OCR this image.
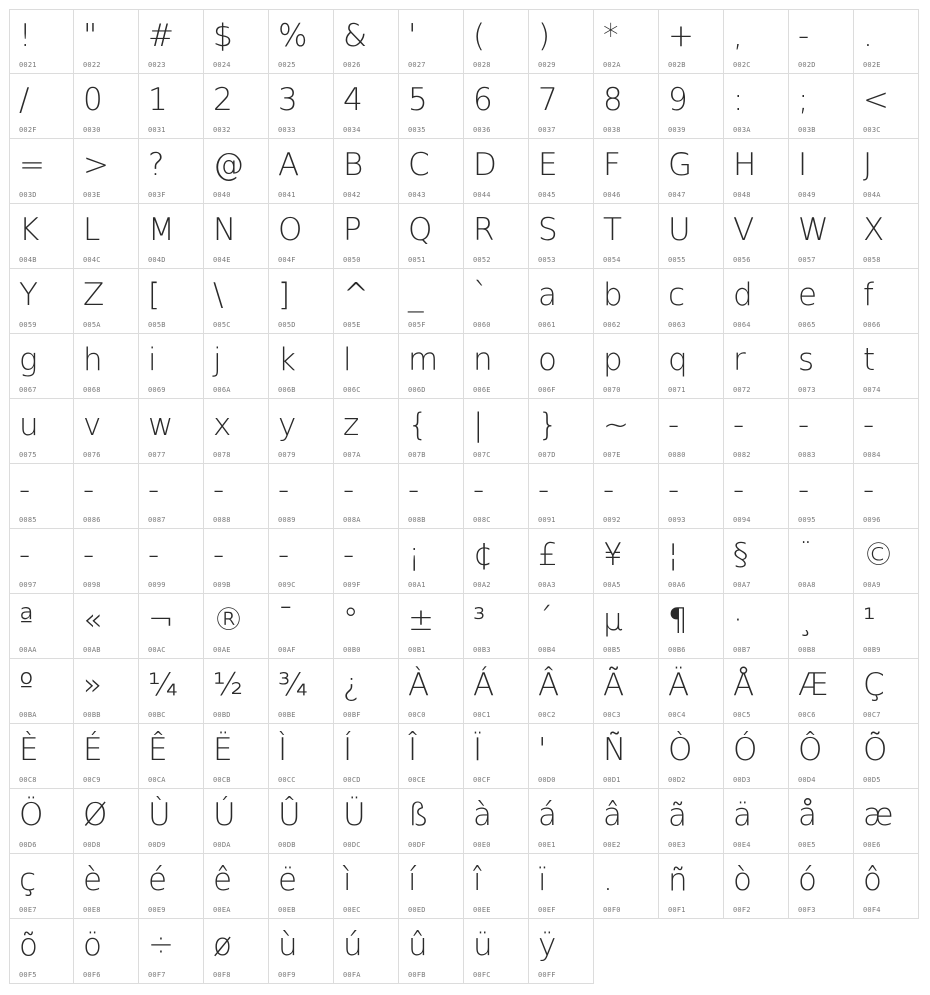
!
0021
"
0022
#
0023
$
0024
%
0025
&
0026
'
0027
(
0028
)
0029
*
002A
+
002B
,
002C
-
002D
.
002E
/
002F
0
0030
1
0031
2
0032
3
0033
4
0034
5
0035
6
0036
7
0037
8
0038
9
0039
:
003A
;
003B
<
003C
=
003D
>
003E
?
003F
@
0040
A
0041
B
0042
C
0043
D
0044
E
0045
F
0046
G
0047
H
0048
I
0049
J
004A
K
004B
L
004C
M
004D
N
004E
O
004F
P
0050
Q
0051
R
0052
S
0053
T
0054
U
0055
V
0056
W
0057
X
0058
Y
0059
Z
005A
[
005B
\
005C
]
005D
^
005E
_
005F
`
0060
a
0061
b
0062
c
0063
d
0064
e
0065
f
0066
g
0067
h
0068
i
0069
j
006A
k
006B
l
006C
m
006D
n
006E
o
006F
p
0070
q
0071
r
0072
s
0073
t
0074
u
0075
v
0076
w
0077
x
0078
y
0079
z
007A
{
007B
|
007C
}
007D
~
007E
-
0080
-
0082
-
0083
-
0084
-
0085
-
0086
-
0087
-
0088
-
0089
-
008A
-
008B
-
008C
-
0091
-
0092
-
0093
-
0094
-
0095
-
0096
-
0097
-
0098
-
0099
-
009B
-
009C
-
009F
¡
00A1
¢
00A2
£
00A3
¥
00A5
¦
00A6
§
00A7
¨
00A8
©
00A9
ª
00AA
«
00AB
¬
00AC
®
00AE
¯
00AF
°
00B0
±
00B1
³
00B3
´
00B4
µ
00B5
¶
00B6
·
00B7
¸
00B8
¹
00B9
º
00BA
»
00BB
¼
00BC
½
00BD
¾
00BE
¿
00BF
À
00C0
Á
00C1
Â
00C2
Ã
00C3
Ä
00C4
Å
00C5
Æ
00C6
Ç
00C7
È
00C8
É
00C9
Ê
00CA
Ë
00CB
Ì
00CC
Í
00CD
Î
00CE
Ï
00CF
'
00D0
Ñ
00D1
Ò
00D2
Ó
00D3
Ô
00D4
Õ
00D5
Ö
00D6
Ø
00D8
Ù
00D9
Ú
00DA
Û
00DB
Ü
00DC
ß
00DF
à
00E0
á
00E1
â
00E2
ã
00E3
ä
00E4
å
00E5
æ
00E6
ç
00E7
è
00E8
é
00E9
ê
00EA
ë
00EB
ì
00EC
í
00ED
î
00EE
ï
00EF
.
00F0
ñ
00F1
ò
00F2
ó
00F3
ô
00F4
õ
00F5
ö
00F6
÷
00F7
ø
00F8
ù
00F9
ú
00FA
û
00FB
ü
00FC
ÿ
00FF
